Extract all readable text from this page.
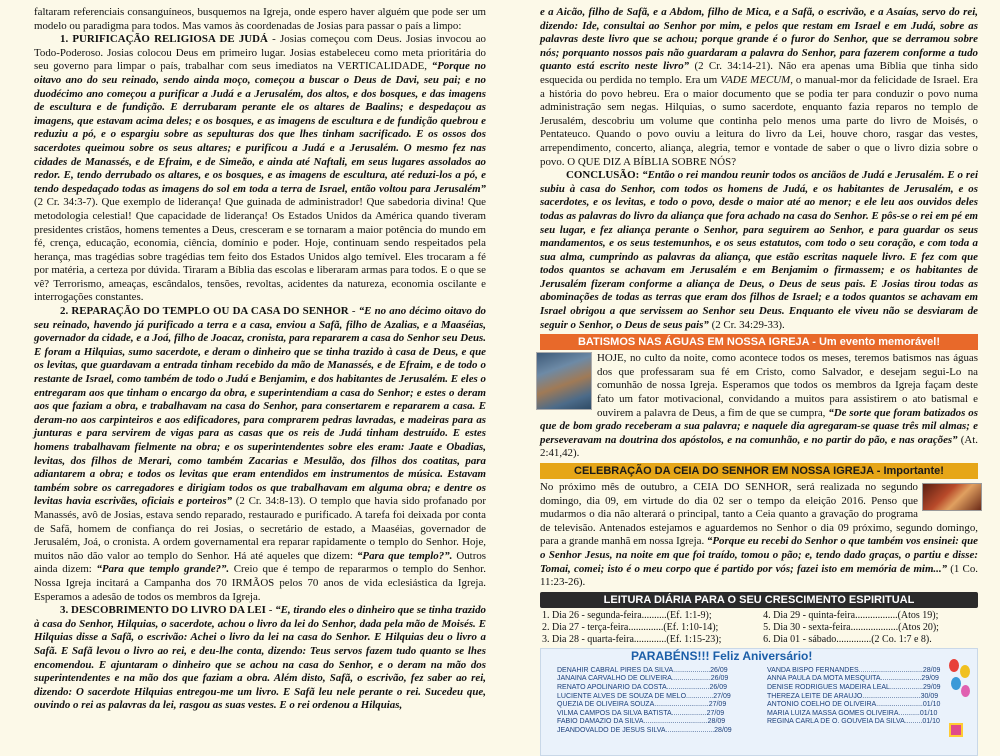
faltaram referenciais consanguíneos, busquemos na Igreja, onde espero haver alguém que pode ser um modelo ou paradigma para todos. Mas vamos às coordenadas de Josias para passar o país a limpo:

1. PURIFICAÇÃO RELIGIOSA DE JUDÁ - Josias começou com Deus. Josias invocou ao Todo-Poderoso. Josias colocou Deus em primeiro lugar. Josias estabeleceu como meta prioritária do seu governo para limpar o país, trabalhar com seus imediatos na VERTICALIDADE, “Porque no oitavo ano do seu reinado, sendo ainda moço, começou a buscar o Deus de Davi, seu pai; e no duodécimo ano começou a purificar a Judá e a Jerusalém, dos altos, e dos bosques, e das imagens de escultura e de fundição. E derrubaram perante ele os altares de Baalins; e despedaçou as imagens, que estavam acima deles; e os bosques, e as imagens de escultura e de fundição quebrou e reduziu a pó, e o espargiu sobre as sepulturas dos que lhes tinham sacrificado. E os ossos dos sacerdotes queimou sobre os seus altares; e purificou a Judá e a Jerusalém. O mesmo fez nas cidades de Manassés, e de Efraim, e de Simeão, e ainda até Naftali, em seus lugares assolados ao redor. E, tendo derrubado os altares, e os bosques, e as imagens de escultura, até reduzi-los a pó, e tendo despedaçado todas as imagens do sol em toda a terra de Israel, então voltou para Jerusalém” (2 Cr. 34:3-7). Que exemplo de liderança! Que guinada de administrador! Que sabedoria divina! Que metodologia celestial! Que capacidade de liderança! Os Estados Unidos da América quando tiveram presidentes cristãos, homens tementes a Deus, cresceram e se tornaram a maior potência do mundo em fé, crença, educação, economia, ciência, domínio e poder. Hoje, continuam sendo respeitados pela herança, mas tragédias sobre tragédias tem feito dos Estados Unidos algo temível. Eles trocaram a fé por matéria, a certeza por dúvida. Tiraram a Bíblia das escolas e liberaram armas para todos. E o que se vê? Terrorismo, ameaças, escândalos, tensões, revoltas, acidentes da natureza, economia oscilante e interrogações constantes.

2. REPARAÇÃO DO TEMPLO OU DA CASA DO SENHOR - “E no ano décimo oitavo do seu reinado, havendo já purificado a terra e a casa, enviou a Safã, filho de Azalias, e a Maaséias, governador da cidade, e a Joá, filho de Joacaz, cronista, para repararem a casa do Senhor seu Deus. E foram a Hilquias, sumo sacerdote, e deram o dinheiro que se tinha trazido à casa de Deus, e que os levitas, que guardavam a entrada tinham recebido da mão de Manassés, e de Efraim, e de todo o restante de Israel, como também de todo o Judá e Benjamim, e dos habitantes de Jerusalém. E eles o entregaram aos que tinham o encargo da obra, e superintendiam a casa do Senhor; e estes o deram aos que faziam a obra, e trabalhavam na casa do Senhor, para consertarem e repararem a casa. E deram-no aos carpinteiros e aos edificadores, para comprarem pedras lavradas, e madeiras para as junturas e para servirem de vigas para as casas que os reis de Judá tinham destruído. E estes homens trabalhavam fielmente na obra; e os superintendentes sobre eles eram: Jaate e Obadias, levitas, dos filhos de Merari, como também Zacarias e Mesulão, dos filhos dos coatitas, para adiantarem a obra; e todos os levitas que eram entendidos em instrumentos de música. Estavam também sobre os carregadores e dirigiam todos os que trabalhavam em alguma obra; e dentre os levitas havia escrivães, oficiais e porteiros” (2 Cr. 34:8-13). O templo que havia sido profanado por Manassés, avô de Josias, estava sendo reparado, restaurado e purificado. A tarefa foi deixada por conta de Safã, homem de confiança do rei Josias, o secretário de estado, a Maaséias, governador de Jerusalém, Joá, o cronista. A ordem governamental era reparar rapidamente o templo do Senhor. Hoje, muitos não dão valor ao templo do Senhor. Há até aqueles que dizem: “Para que templo?”. Outros ainda dizem: “Para que templo grande?”. Creio que é tempo de repararmos o templo do Senhor. Nossa Igreja incitará a Campanha dos 70 IRMÃOS pelos 70 anos de vida eclesiástica da Igreja. Esperamos a adesão de todos os membros da Igreja.

3. DESCOBRIMENTO DO LIVRO DA LEI - “E, tirando eles o dinheiro que se tinha trazido à casa do Senhor, Hilquias, o sacerdote, achou o livro da lei do Senhor, dada pela mão de Moisés. E Hilquias disse a Safã, o escrivão: Achei o livro da lei na casa do Senhor. E Hilquias deu o livro a Safã. E Safã levou o livro ao rei, e deu-lhe conta, dizendo: Teus servos fazem tudo quanto se lhes encomendou. E ajuntaram o dinheiro que se achou na casa do Senhor, e o deram na mão dos superintendentes e na mão dos que faziam a obra. Além disto, Safã, o escrivão, fez saber ao rei, dizendo: O sacerdote Hilquias entregou-me um livro. E Safã leu nele perante o rei. Sucedeu que, ouvindo o rei as palavras da lei, rasgou as suas vestes. E o rei ordenou a Hilquias,

e a Aicão, filho de Safã, e a Abdom, filho de Mica, e a Safã, o escrivão, e a Asaías, servo do rei, dizendo: Ide, consultai ao Senhor por mim, e pelos que restam em Israel e em Judá, sobre as palavras deste livro que se achou; porque grande é o furor do Senhor, que se derramou sobre nós; porquanto nossos pais não guardaram a palavra do Senhor, para fazerem conforme a tudo quanto está escrito neste livro” (2 Cr. 34:14-21). Não era apenas uma Bíblia que tinha sido esquecida ou perdida no templo. Era um VADE MECUM, o manual-mor da felicidade de Israel. Era a história do povo hebreu. Era o maior documento que se podia ter para conduzir o povo numa administração sem negas. Hilquias, o sumo sacerdote, enquanto fazia reparos no templo de Jerusalém, descobriu um volume que continha pelo menos uma parte do livro de Moisés, o Pentateuco. Quando o povo ouviu a leitura do livro da Lei, houve choro, rasgar das vestes, arrependimento, concerto, aliança, alegria, temor e vontade de saber o que o livro dizia sobre o povo. O QUE DIZ A BÍBLIA SOBRE NÓS?

CONCLUSÃO: “Então o rei mandou reunir todos os anciãos de Judá e Jerusalém. E o rei subiu à casa do Senhor, com todos os homens de Judá, e os habitantes de Jerusalém, e os sacerdotes, e os levitas, e todo o povo, desde o maior até ao menor; e ele leu aos ouvidos deles todas as palavras do livro da aliança que fora achado na casa do Senhor. E pôs-se o rei em pé em seu lugar, e fez aliança perante o Senhor, para seguirem ao Senhor, e para guardar os seus mandamentos, e os seus testemunhos, e os seus estatutos, com todo o seu coração, e com toda a sua alma, cumprindo as palavras da aliança, que estão escritas naquele livro. E fez com que todos quantos se achavam em Jerusalém e em Benjamim o firmassem; e os habitantes de Jerusalém fizeram conforme a aliança de Deus, o Deus de seus pais. E Josias tirou todas as abominações de todas as terras que eram dos filhos de Israel; e a todos quantos se achavam em Israel obrigou a que servissem ao Senhor seu Deus. Enquanto ele viveu não se desviaram de seguir o Senhor, o Deus de seus pais” (2 Cr. 34:29-33).

BATISMOS NAS ÁGUAS EM NOSSA IGREJA - Um evento memorável!

HOJE, no culto da noite, como acontece todos os meses, teremos batismos nas águas dos que professaram sua fé em Cristo, como Salvador, e desejam segui-Lo na comunhão de nossa Igreja. Esperamos que todos os membros da Igreja façam deste fato um fator motivacional, convidando a muitos para assistirem o ato batismal e ouvirem a palavra de Deus, a fim de que se cumpra, “De sorte que foram batizados os que de bom grado receberam a sua palavra; e naquele dia agregaram-se quase três mil almas; e perseveravam na doutrina dos apóstolos, e na comunhão, e no partir do pão, e nas orações” (At. 2:41,42).

CELEBRAÇÃO DA CEIA DO SENHOR EM NOSSA IGREJA - Importante!

No próximo mês de outubro, a CEIA DO SENHOR, será realizada no segundo domingo, dia 09, em virtude do dia 02 ser o tempo da eleição 2016. Penso que mudarmos o dia não alterará o principal, tanto a Ceia quanto a gravação do programa de televisão. Antenados estejamos e aguardemos no Senhor o dia 09 próximo, segundo domingo, para a grande manhã em nossa Igreja. “Porque eu recebi do Senhor o que também vos ensinei: que o Senhor Jesus, na noite em que foi traído, tomou o pão; e, tendo dado graças, o partiu e disse: Tomai, comei; isto é o meu corpo que é partido por vós; fazei isto em memória de mim...” (1 Co. 11:23-26).

LEITURA DIÁRIA PARA O SEU CRESCIMENTO ESPIRITUAL
1. Dia 26 - segunda-feira..........(Ef. 1:1-9);	4. Dia 29 - quinta-feira.................(Atos 19);
2. Dia 27 - terça-feira..............(Ef. 1:10-14);	5. Dia 30 - sexta-feira...................(Atos 20);
3. Dia 28 - quarta-feira.............(Ef. 1:15-23);	6. Dia 01 - sábado..............(2 Co. 1:7 e 8).
PARABÉNS!!! Feliz Aniversário!
DENAHIR CABRAL PIRES DA SILVA...................26/09	VANDA BISPO FERNANDES.................................28/09
JANAINA CARVALHO DE OLIVEIRA....................26/09	ANNA PAULA DA MOTA MESQUITA.....................29/09
RENATO APOLINARIO DA COSTA......................26/09	DENISE RODRIGUES MADEIRA LEAL.................29/09
LUCIENTE ALVES DE SOUZA DE MELO..............27/09	THEREZA LEITE DE ARAUJO..............................30/09
QUEZIA DE OLIVEIRA SOUZA............................27/09	ANTONIO COELHO DE OLIVEIRA........................01/10
VILMA CAMPOS DA SILVA BATISTA..................27/09	MARIA LUIZA MASSA GOMES OLIVEIRA...........01/10
FABIO DAMAZIO DA SILVA.................................28/09	REGINA CARLA DE O. GOUVEIA DA SILVA.........01/10
JEANDOVALDO DE JESUS SILVA.........................28/09
